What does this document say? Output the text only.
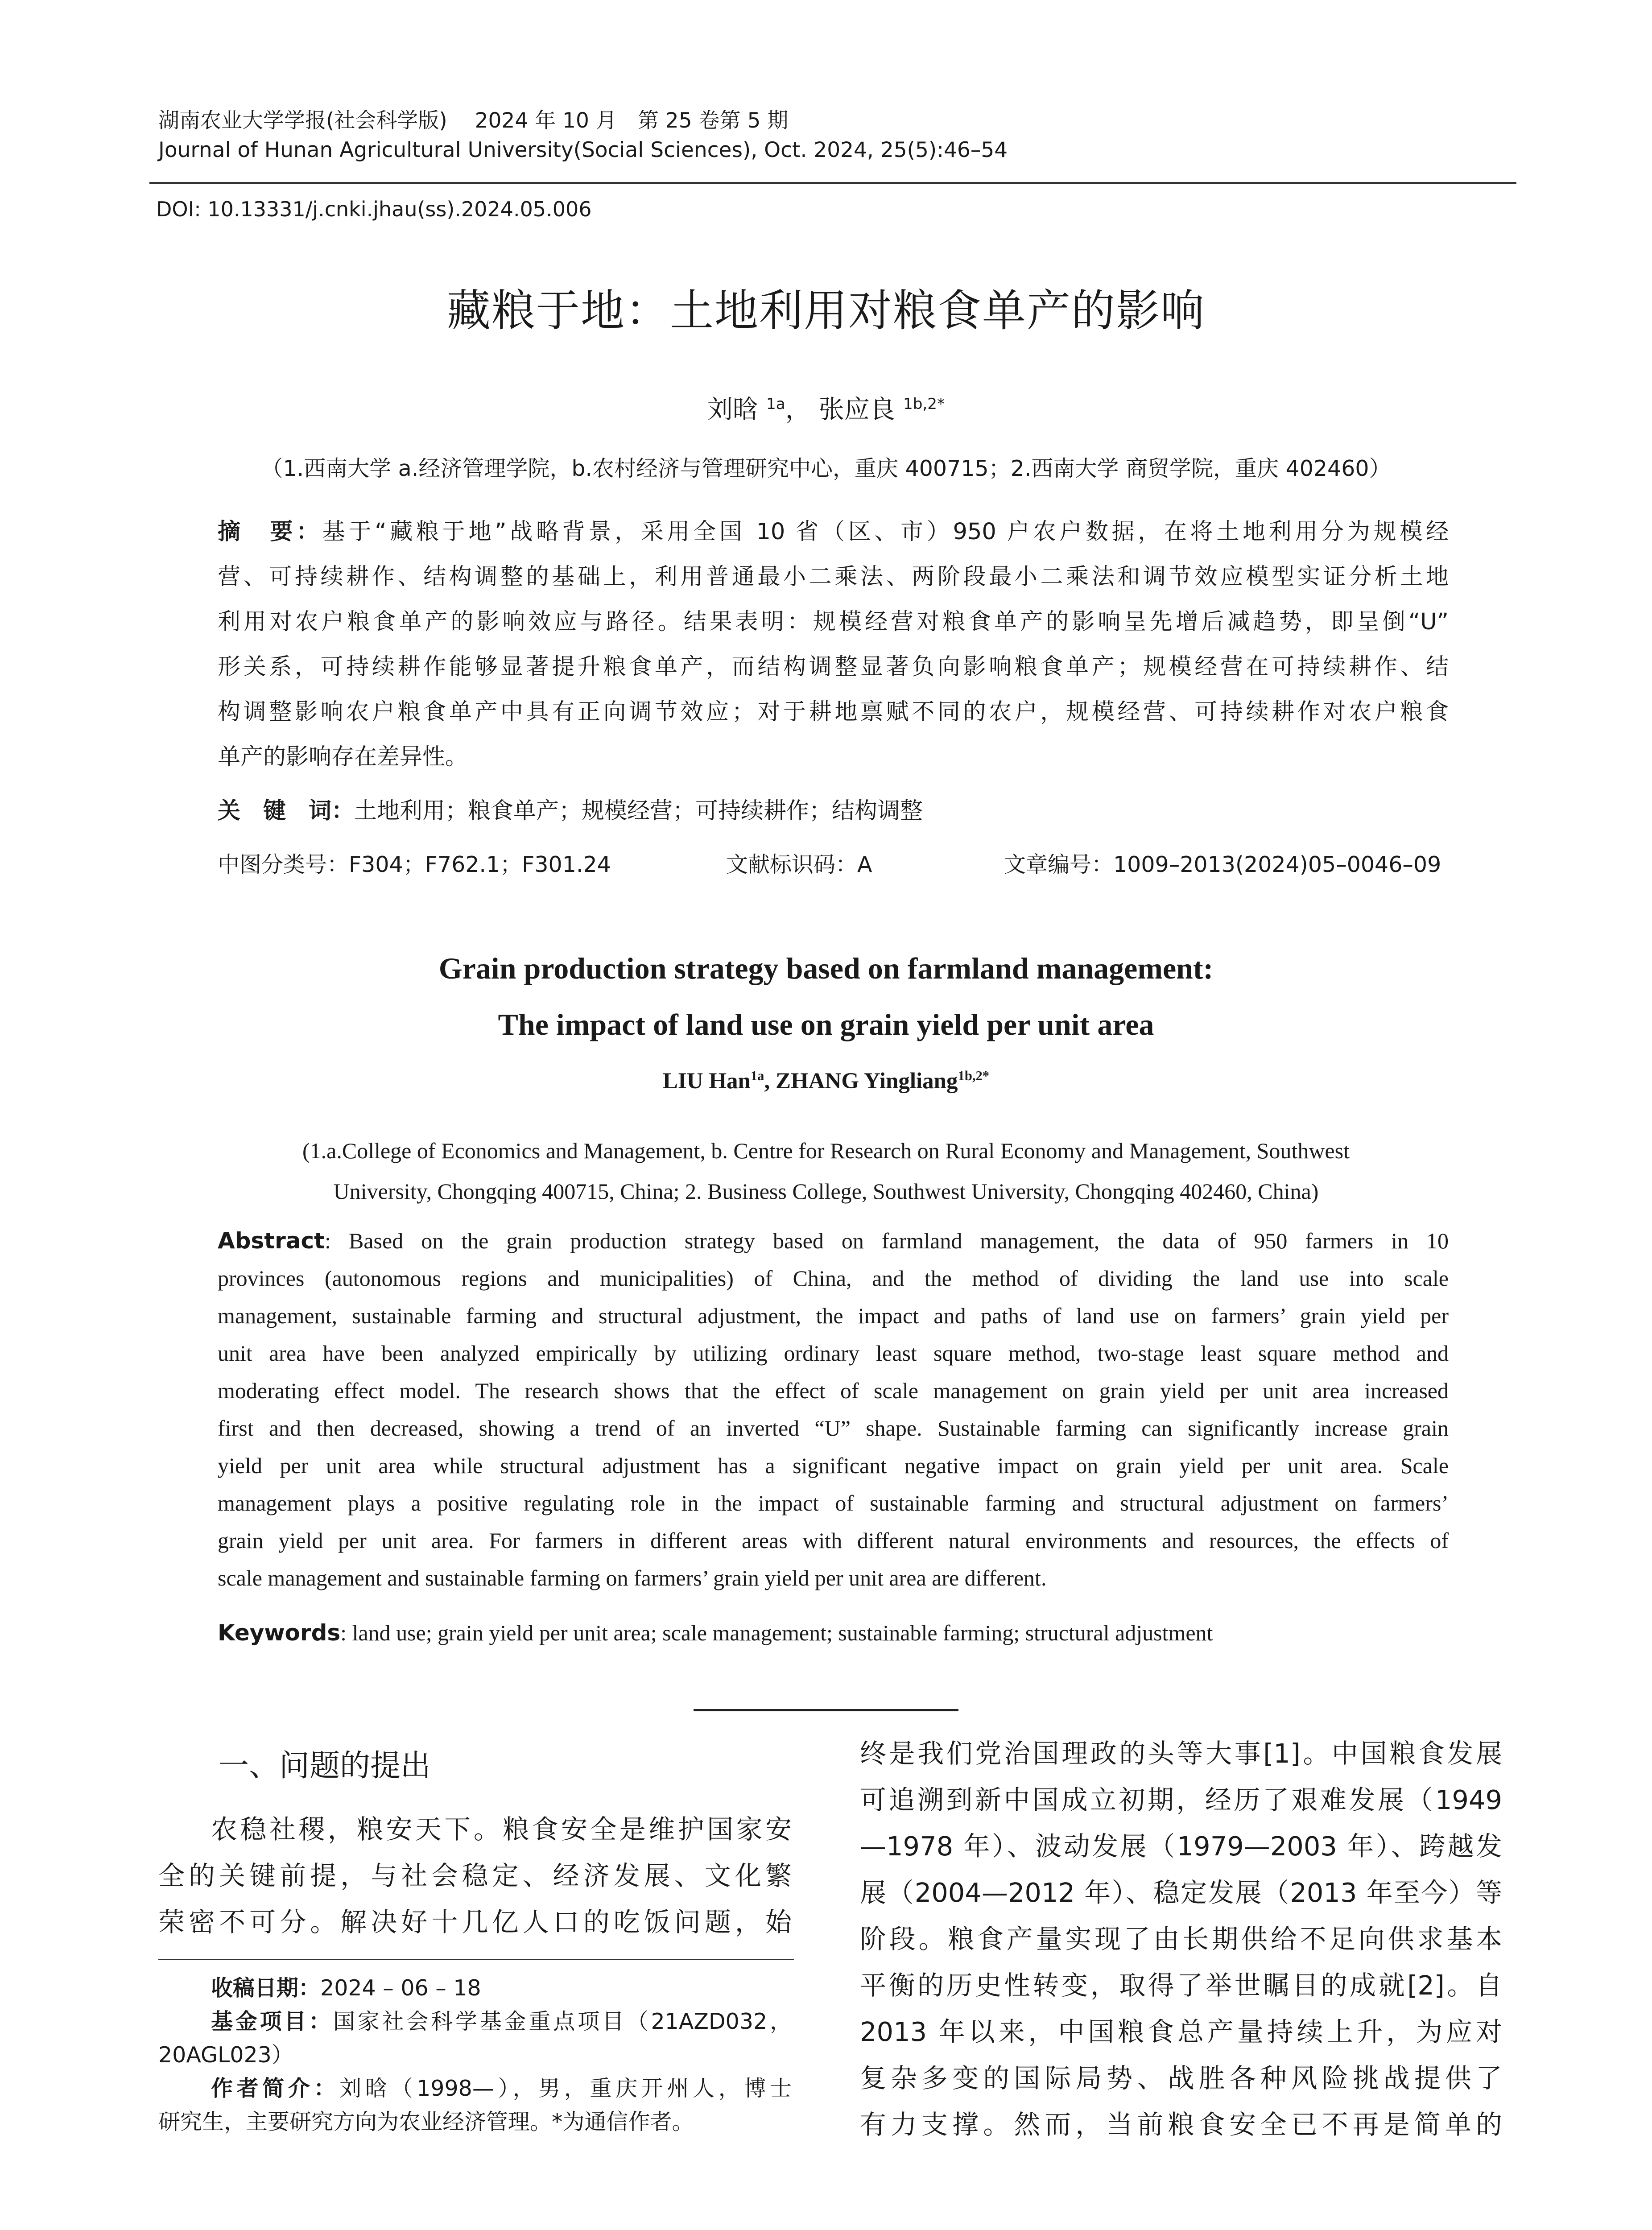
湖南农业大学学报(社会科学版)　 2024 年 10 月　第 25 卷第 5 期
Journal of Hunan Agricultural University(Social Sciences), Oct. 2024, 25(5):46–54
DOI: 10.13331/j.cnki.jhau(ss).2024.05.006
藏粮于地：土地利用对粮食单产的影响
刘晗 $^{1a}$， 张应良 $^{1b,2*}$
（1.西南大学 a.经济管理学院，b.农村经济与管理研究中心，重庆 400715；2.西南大学 商贸学院，重庆 402460）
摘　要：基于“藏粮于地”战略背景，采用全国 10 省（区、市）950 户农户数据，在将土地利用分为规模经
营、可持续耕作、结构调整的基础上，利用普通最小二乘法、两阶段最小二乘法和调节效应模型实证分析土地
利用对农户粮食单产的影响效应与路径。结果表明：规模经营对粮食单产的影响呈先增后减趋势，即呈倒“U”
形关系，可持续耕作能够显著提升粮食单产，而结构调整显著负向影响粮食单产；规模经营在可持续耕作、结
构调整影响农户粮食单产中具有正向调节效应；对于耕地禀赋不同的农户，规模经营、可持续耕作对农户粮食
单产的影响存在差异性。
关　键　词：土地利用；粮食单产；规模经营；可持续耕作；结构调整
中图分类号：F304；F762.1；F301.24	文献标识码：A	文章编号：1009–2013(2024)05–0046–09
Grain production strategy based on farmland management:
The impact of land use on grain yield per unit area
LIU Han$^{1a}$, ZHANG Yingliang$^{1b,2*}$
(1.a.College of Economics and Management, b. Centre for Research on Rural Economy and Management, Southwest
University, Chongqing 400715, China; 2. Business College, Southwest University, Chongqing 402460, China)
Abstract: Based on the grain production strategy based on farmland management, the data of 950 farmers in 10
provinces (autonomous regions and municipalities) of China, and the method of dividing the land use into scale
management, sustainable farming and structural adjustment, the impact and paths of land use on farmers’ grain yield per
unit area have been analyzed empirically by utilizing ordinary least square method, two-stage least square method and
moderating effect model. The research shows that the effect of scale management on grain yield per unit area increased
first and then decreased, showing a trend of an inverted “U” shape. Sustainable farming can significantly increase grain
yield per unit area while structural adjustment has a significant negative impact on grain yield per unit area. Scale
management plays a positive regulating role in the impact of sustainable farming and structural adjustment on farmers’
grain yield per unit area. For farmers in different areas with different natural environments and resources, the effects of
scale management and sustainable farming on farmers’ grain yield per unit area are different.
Keywords: land use; grain yield per unit area; scale management; sustainable farming; structural adjustment
一、问题的提出
农稳社稷，粮安天下。粮食安全是维护国家安
全的关键前提，与社会稳定、经济发展、文化繁
荣密不可分。解决好十几亿人口的吃饭问题，始
收稿日期：2024 – 06 – 18
基金项目：国家社会科学基金重点项目（21AZD032，
20AGL023）
作者简介：刘晗（1998—），男，重庆开州人，博士
研究生，主要研究方向为农业经济管理。*为通信作者。
终是我们党治国理政的头等大事[1]。中国粮食发展
可追溯到新中国成立初期，经历了艰难发展（1949
—1978 年）、波动发展（1979—2003 年）、跨越发
展（2004—2012 年）、稳定发展（2013 年至今）等
阶段。粮食产量实现了由长期供给不足向供求基本
平衡的历史性转变，取得了举世瞩目的成就[2]。自
2013 年以来，中国粮食总产量持续上升，为应对
复杂多变的国际局势、战胜各种风险挑战提供了
有力支撑。然而，当前粮食安全已不再是简单的
